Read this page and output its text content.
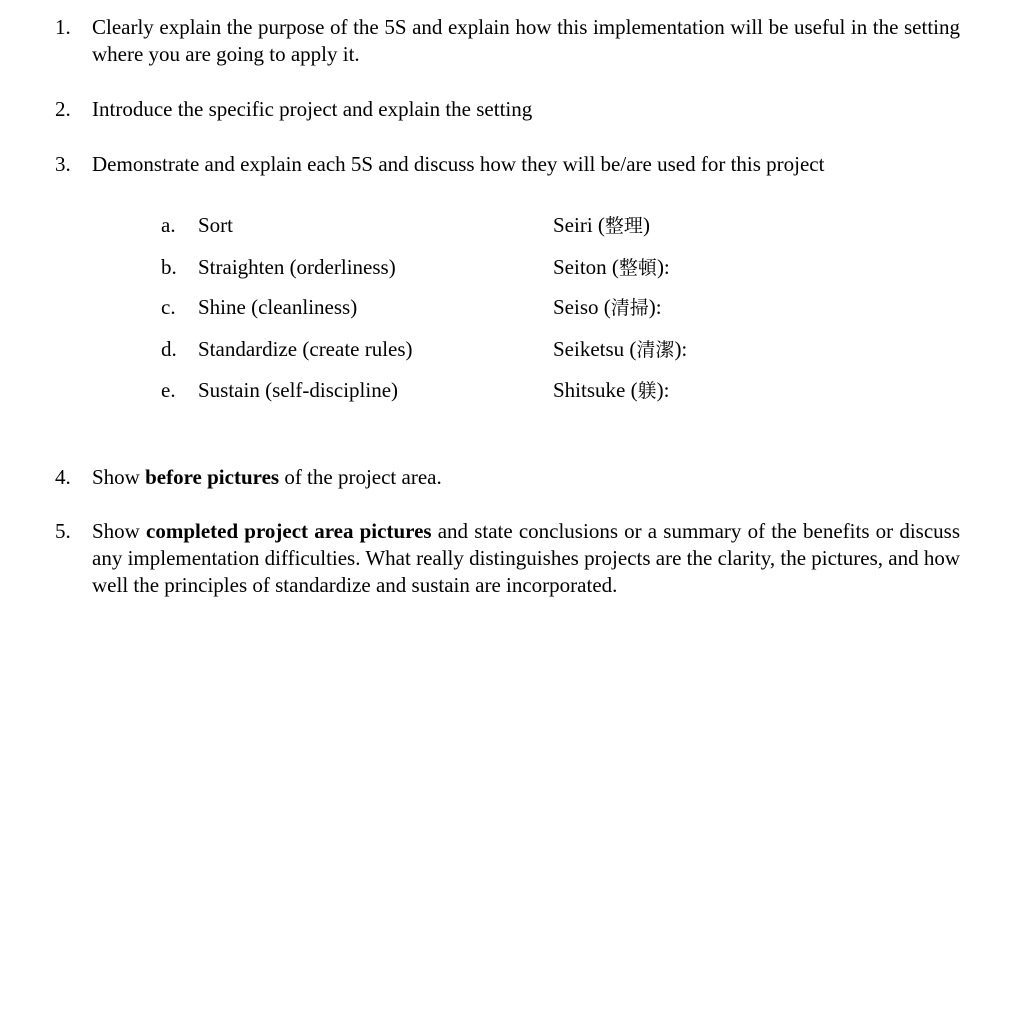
1.	Clearly explain the purpose of the 5S and explain how this implementation will be useful in the setting where you are going to apply it.
2.	Introduce the specific project and explain the setting
3.	Demonstrate and explain each 5S and discuss how they will be/are used for this project
a. Sort	Seiri (整理)
b. Straighten (orderliness)	Seiton (整頓):
c. Shine (cleanliness)	Seiso (清掃):
d. Standardize (create rules)	Seiketsu (清潔):
e. Sustain (self-discipline)	Shitsuke (躾):
4.	Show before pictures of the project area.
5.	Show completed project area pictures and state conclusions or a summary of the benefits or discuss any implementation difficulties. What really distinguishes projects are the clarity, the pictures, and how well the principles of standardize and sustain are incorporated.
